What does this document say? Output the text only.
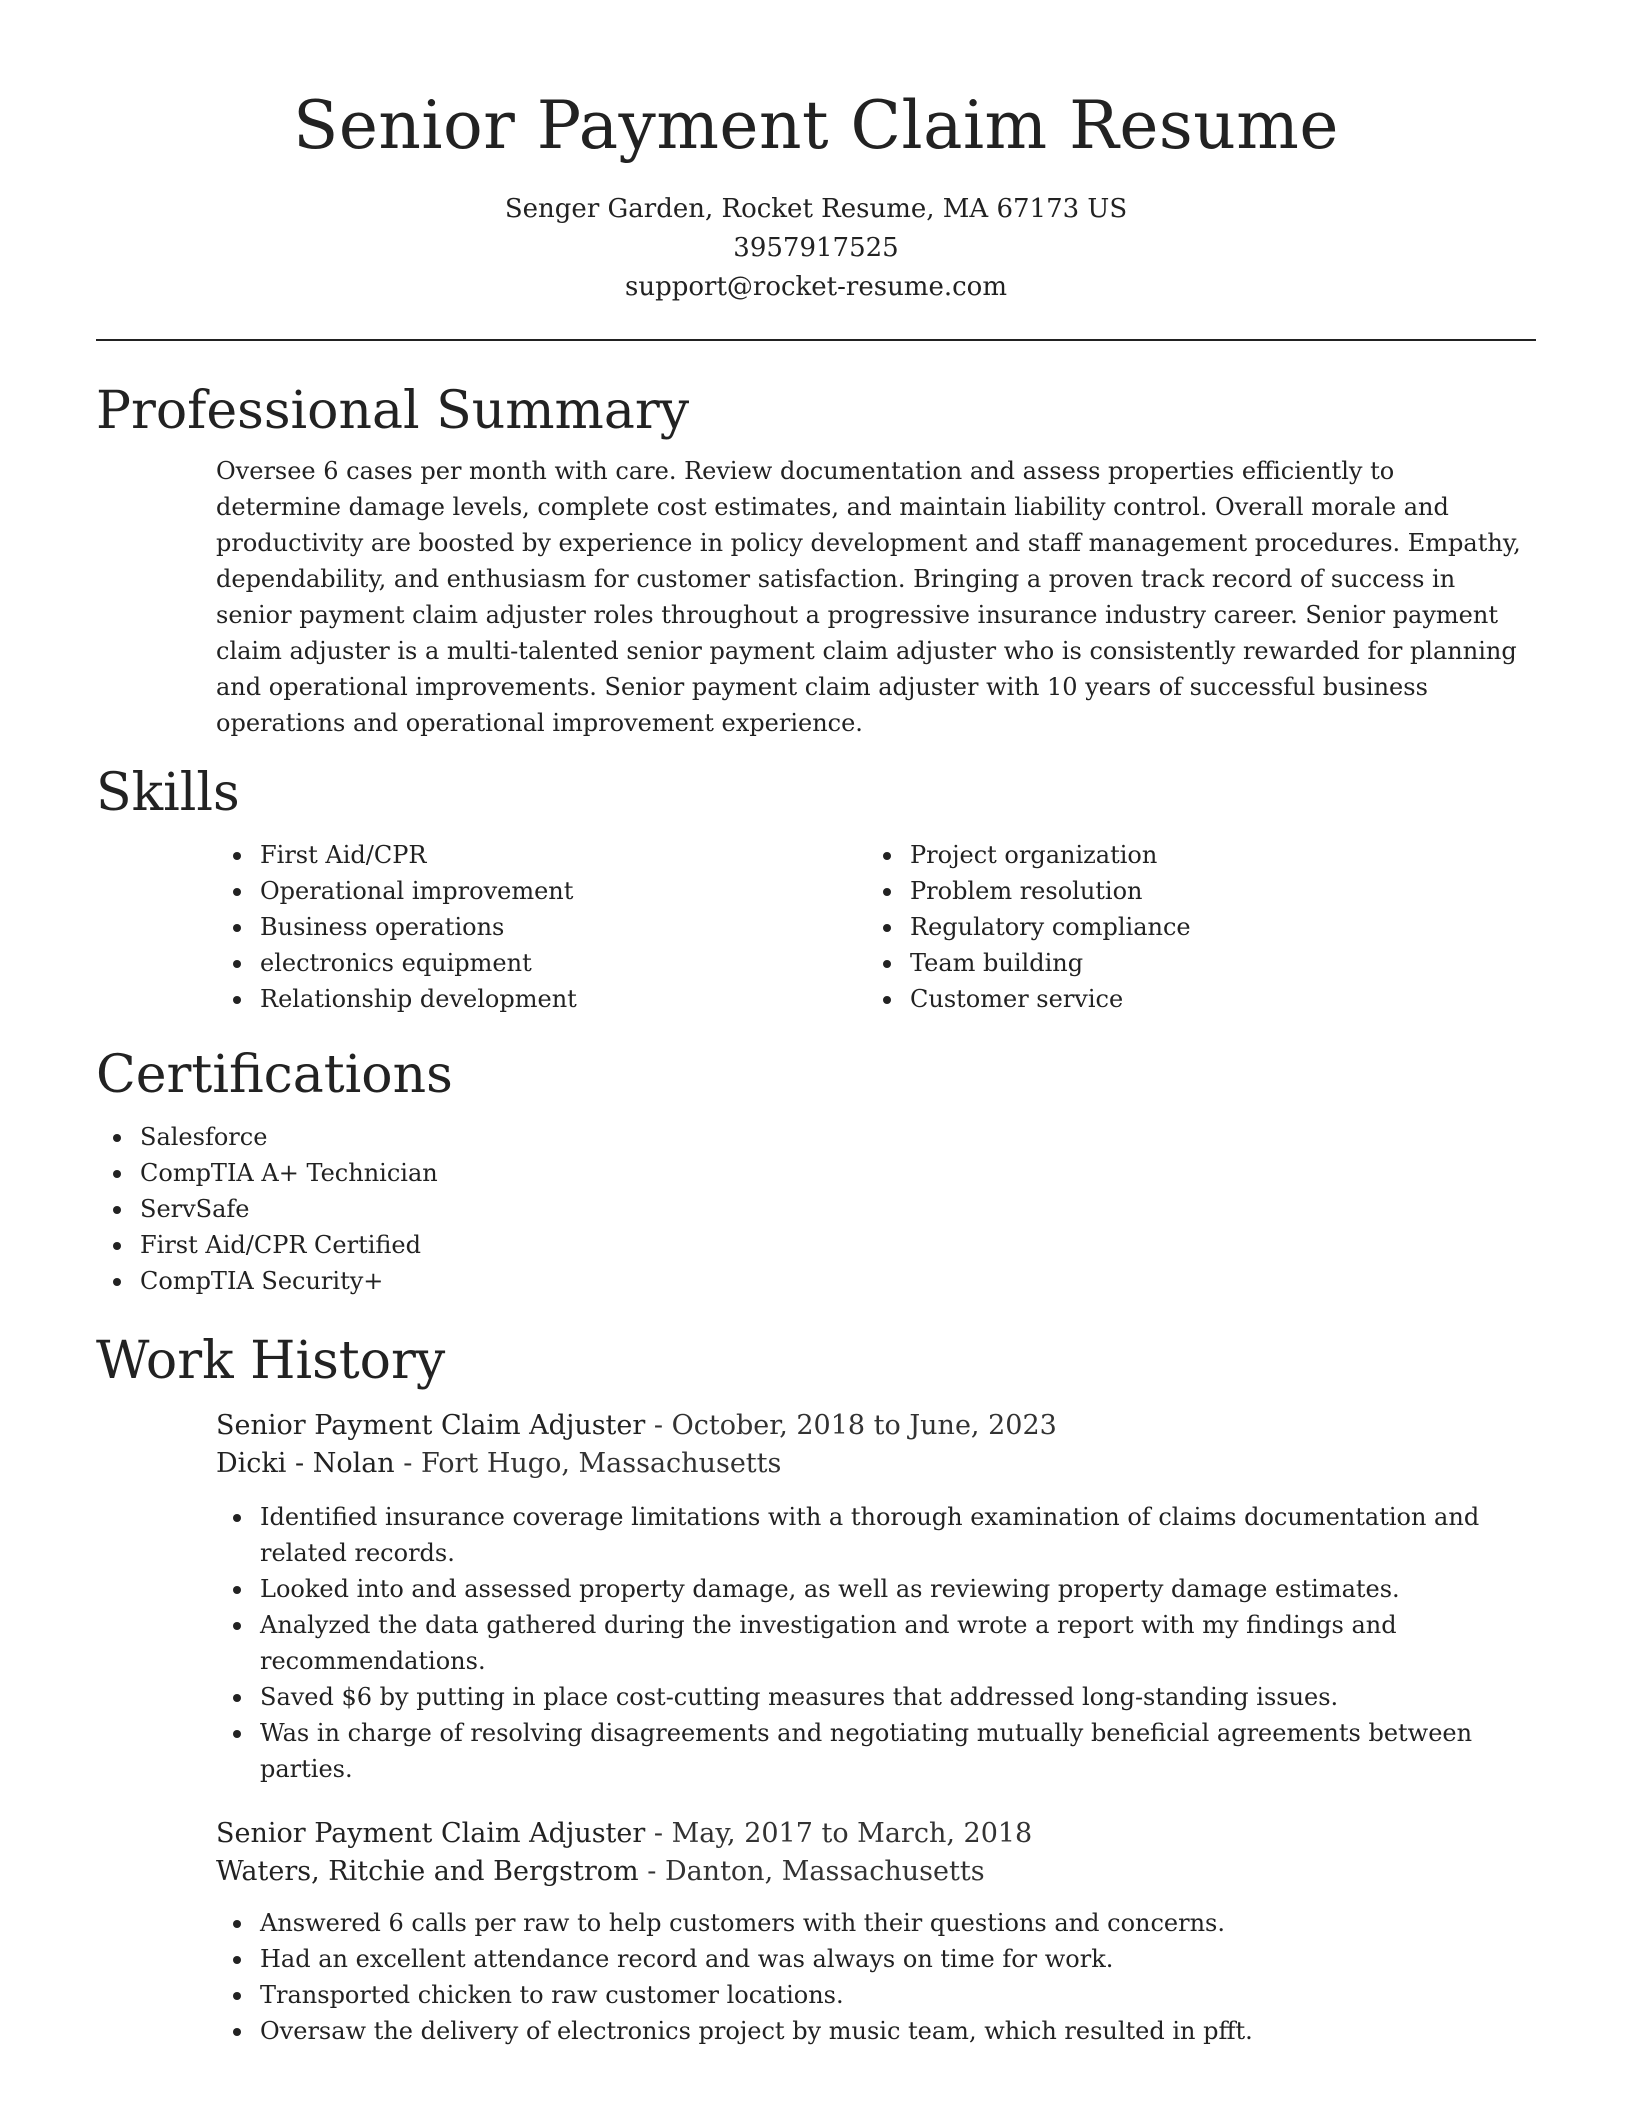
Senior Payment Claim Resume
Senger Garden, Rocket Resume, MA 67173 US
3957917525
support@rocket-resume.com
Professional Summary

Oversee 6 cases per month with care. Review documentation and assess properties efficiently to determine damage levels, complete cost estimates, and maintain liability control. Overall morale and productivity are boosted by experience in policy development and staff management procedures. Empathy, dependability, and enthusiasm for customer satisfaction. Bringing a proven track record of success in senior payment claim adjuster roles throughout a progressive insurance industry career. Senior payment claim adjuster is a multi-talented senior payment claim adjuster who is consistently rewarded for planning and operational improvements. Senior payment claim adjuster with 10 years of successful business operations and operational improvement experience.

Skills
First Aid/CPR
Operational improvement
Business operations
electronics equipment
Relationship development
Project organization
Problem resolution
Regulatory compliance
Team building
Customer service
Certifications
Salesforce
CompTIA A+ Technician
ServSafe
First Aid/CPR Certified
CompTIA Security+
Work History
Senior Payment Claim Adjuster - October, 2018 to June, 2023
Dicki - Nolan - Fort Hugo, Massachusetts
Identified insurance coverage limitations with a thorough examination of claims documentation and related records.
Looked into and assessed property damage, as well as reviewing property damage estimates.
Analyzed the data gathered during the investigation and wrote a report with my findings and recommendations.
Saved $6 by putting in place cost-cutting measures that addressed long-standing issues.
Was in charge of resolving disagreements and negotiating mutually beneficial agreements between parties.
Senior Payment Claim Adjuster - May, 2017 to March, 2018
Waters, Ritchie and Bergstrom - Danton, Massachusetts
Answered 6 calls per raw to help customers with their questions and concerns.
Had an excellent attendance record and was always on time for work.
Transported chicken to raw customer locations.
Oversaw the delivery of electronics project by music team, which resulted in pfft.
